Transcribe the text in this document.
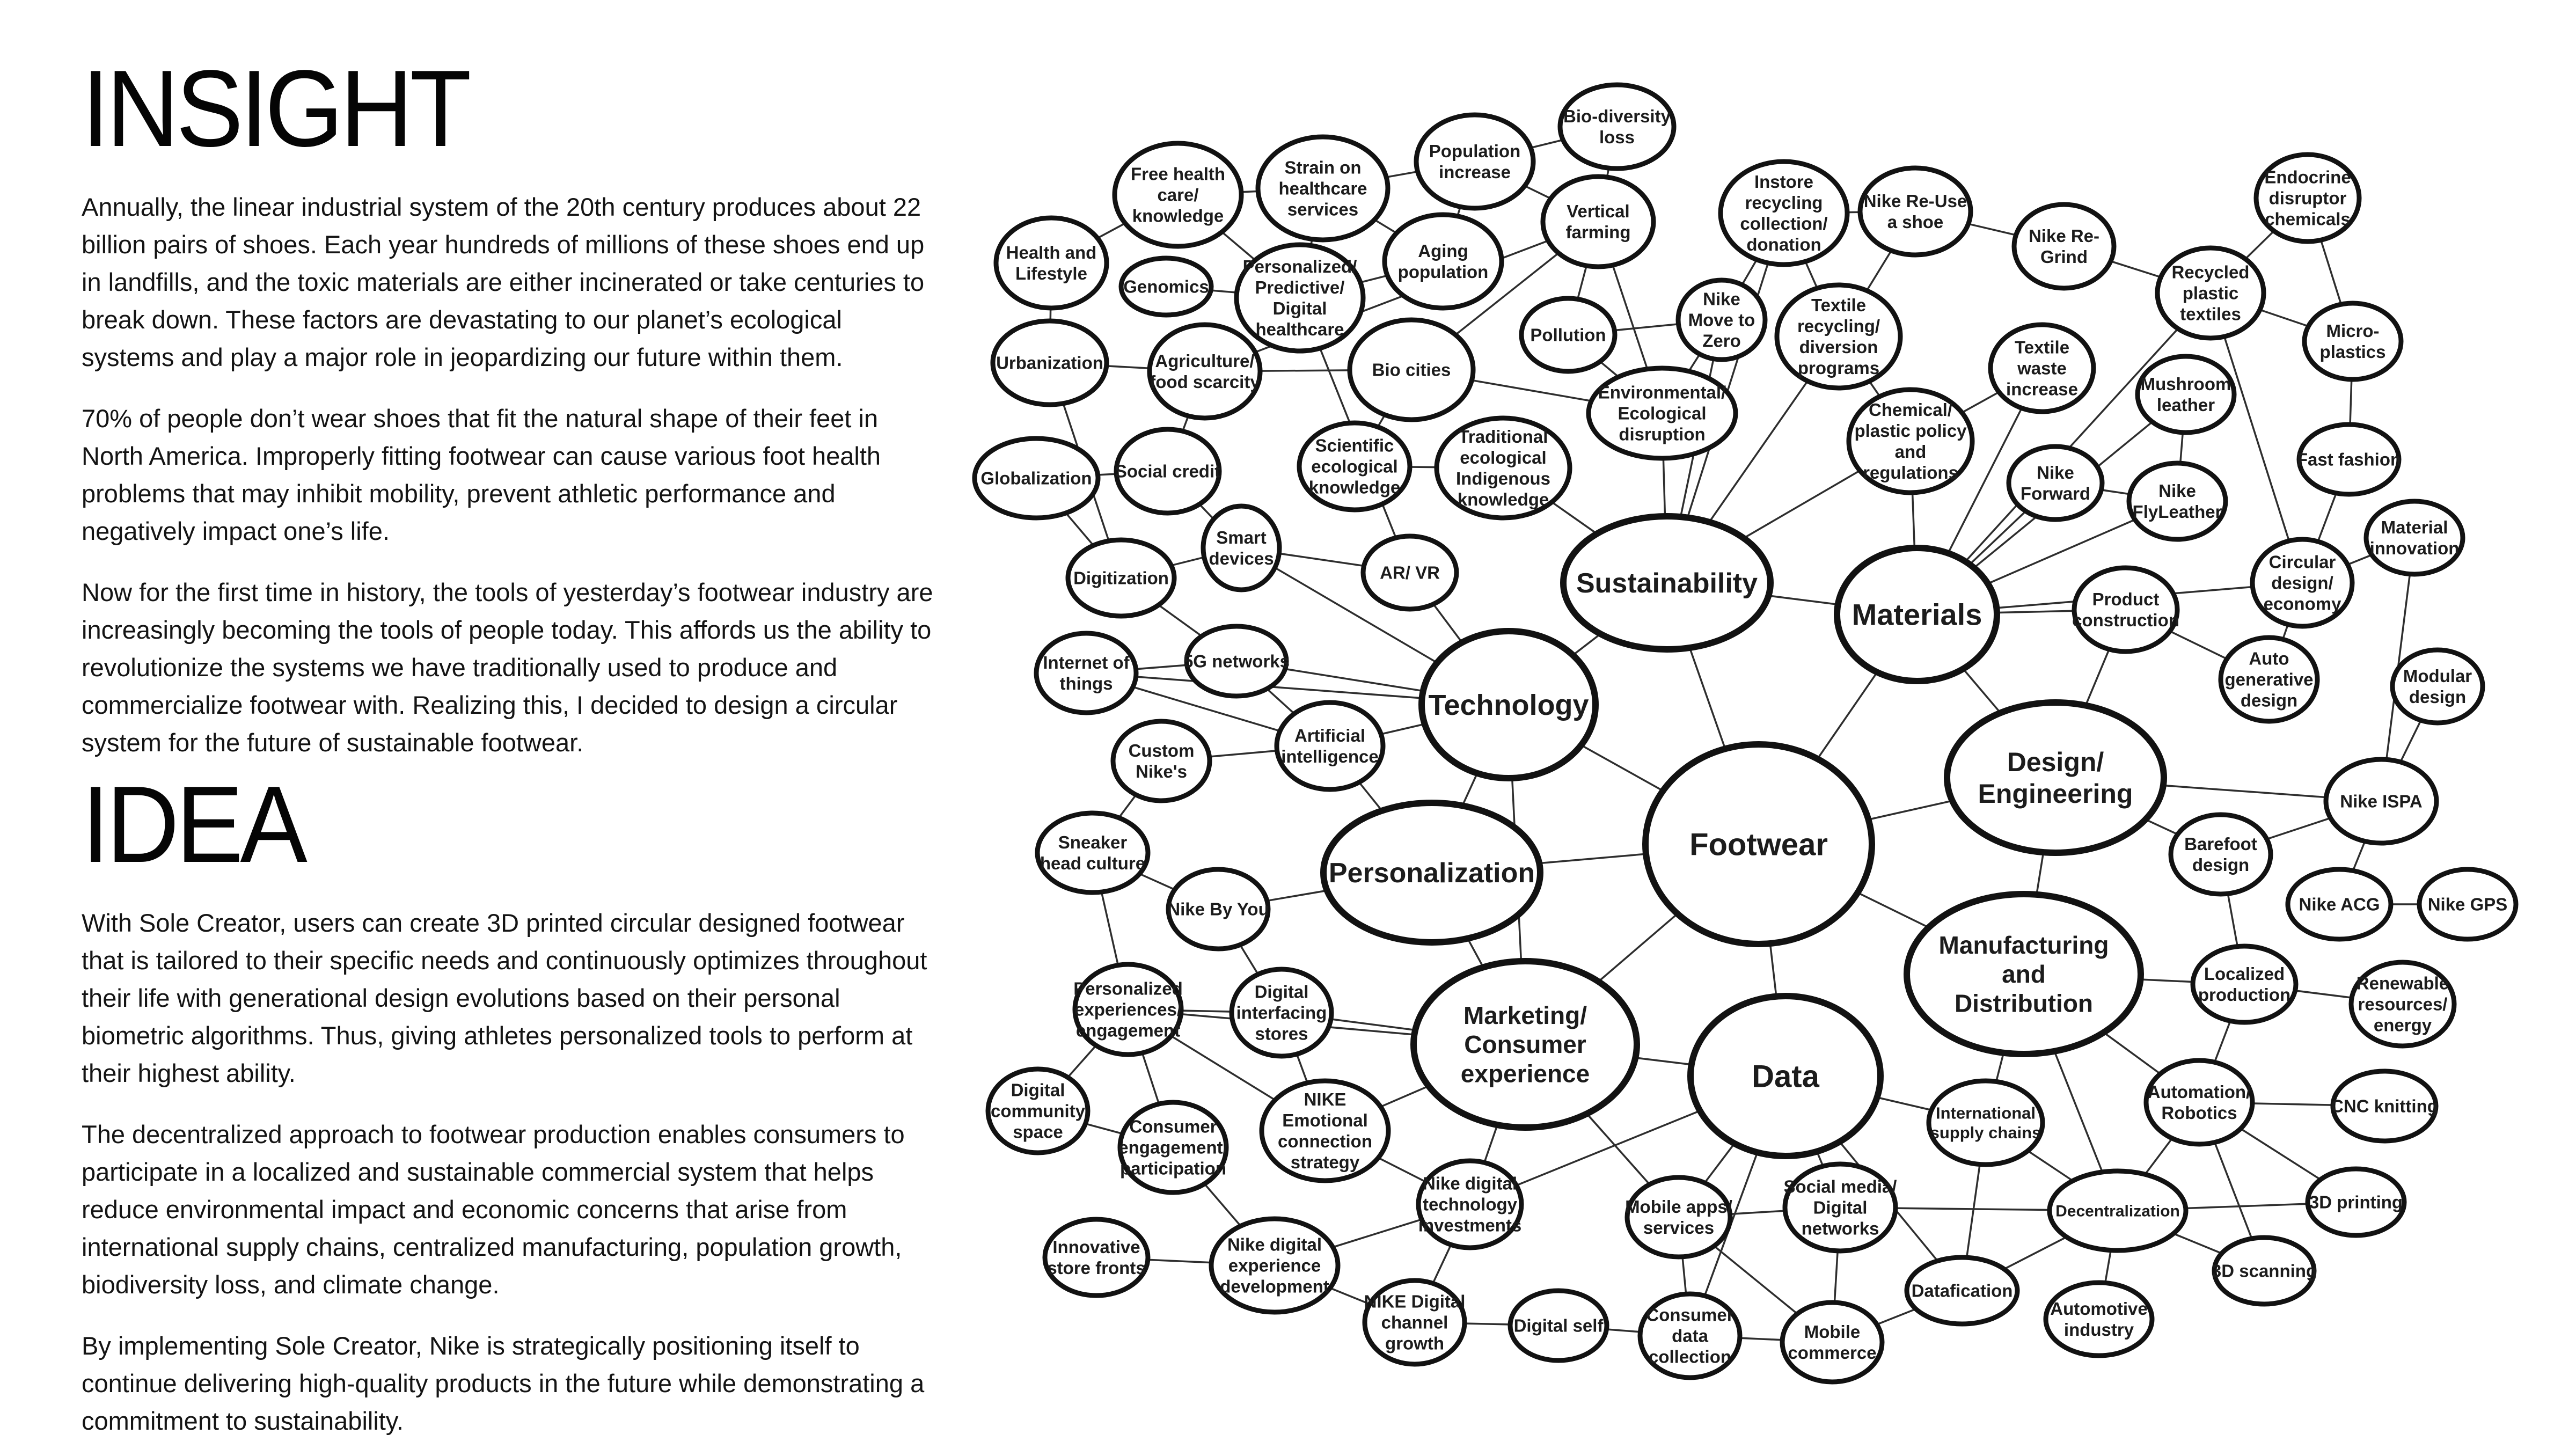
INSIGHT

Annually, the linear industrial system of the 20th century produces about 22 billion pairs of shoes. Each year hundreds of millions of these shoes end up in landfills, and the toxic materials are either incinerated or take centuries to break down. These factors are devastating to our planet’s ecological systems and play a major role in jeopardizing our future within them.

70% of people don’t wear shoes that fit the natural shape of their feet in North America. Improperly fitting footwear can cause various foot health problems that may inhibit mobility, prevent athletic performance and negatively impact one’s life.

Now for the first time in history, the tools of yesterday’s footwear industry are increasingly becoming the tools of people today. This affords us the ability to revolutionize the systems we have traditionally used to produce and commercialize footwear with. Realizing this, I decided to design a circular system for the future of sustainable footwear.

IDEA

With Sole Creator, users can create 3D printed circular designed footwear that is tailored to their specific needs and continuously optimizes throughout their life with generational design evolutions based on their personal biometric algorithms. Thus, giving athletes personalized tools to perform at their highest ability.

The decentralized approach to footwear production enables consumers to participate in a localized and sustainable commercial system that helps reduce environmental impact and economic concerns that arise from international supply chains, centralized manufacturing, population growth, biodiversity loss, and climate change.

By implementing Sole Creator, Nike is strategically positioning itself to continue delivering high-quality products in the future while demonstrating a commitment to sustainability.

Bio-diversity loss
Population increase
Strain on healthcare services
Free health care/ knowledge
Health and Lifestyle
Genomics
Personalized/ Predictive/ Digital healthcare
Aging population
Vertical farming
Instore recycling collection/ donation
Nike Re-Use a shoe
Endocrine disruptor chemicals
Nike Re-Grind
Recycled plastic textiles
Micro-plastics
Urbanization	Agriculture/ food scarcity
Bio cities
Pollution
Nike Move to Zero
Textile recycling/ diversion programs
Textile waste increase	Mushroom leather
Environmental/ Ecological disruption
Chemical/ plastic policy and regulations
Fast fashion
Globalization Social credit
Scientific ecological knowledge
Traditional ecological Indigenous knowledge
Nike Forward	Nike FlyLeather
Material innovation
Smart devices
AR/ VR	Sustainability
Digitization
Materials
Circular design/ economy
Product construction
Internet of things
5G networks	Auto generative design
Modular design
Technology
Artificial intelligence
Custom Nike's	Design/ Engineering
Footwear
Nike ISPA
Sneaker head culture	Personalization
Barefoot design
Nike By You	Nike ACG	Nike GPS
Manufacturing and Distribution
Localized production
Renewable resources/ energy
Personalized experiences/ engagement
Digital interfacing stores
Marketing/ Consumer experience	Data
Digital community space	Consumer engagement/ participation
NIKE Emotional connection strategy
International supply chains
Automation/ Robotics	CNC knitting
Nike digital technology investments
Mobile apps/ services
Social media/ Digital networks
Decentralization	3D printing
Innovative store fronts
Nike digital experience development
3D scanning
NIKE Digital channel growth
Digital self
Consumer data collection
Mobile commerce
Datafication
Automotive industry
